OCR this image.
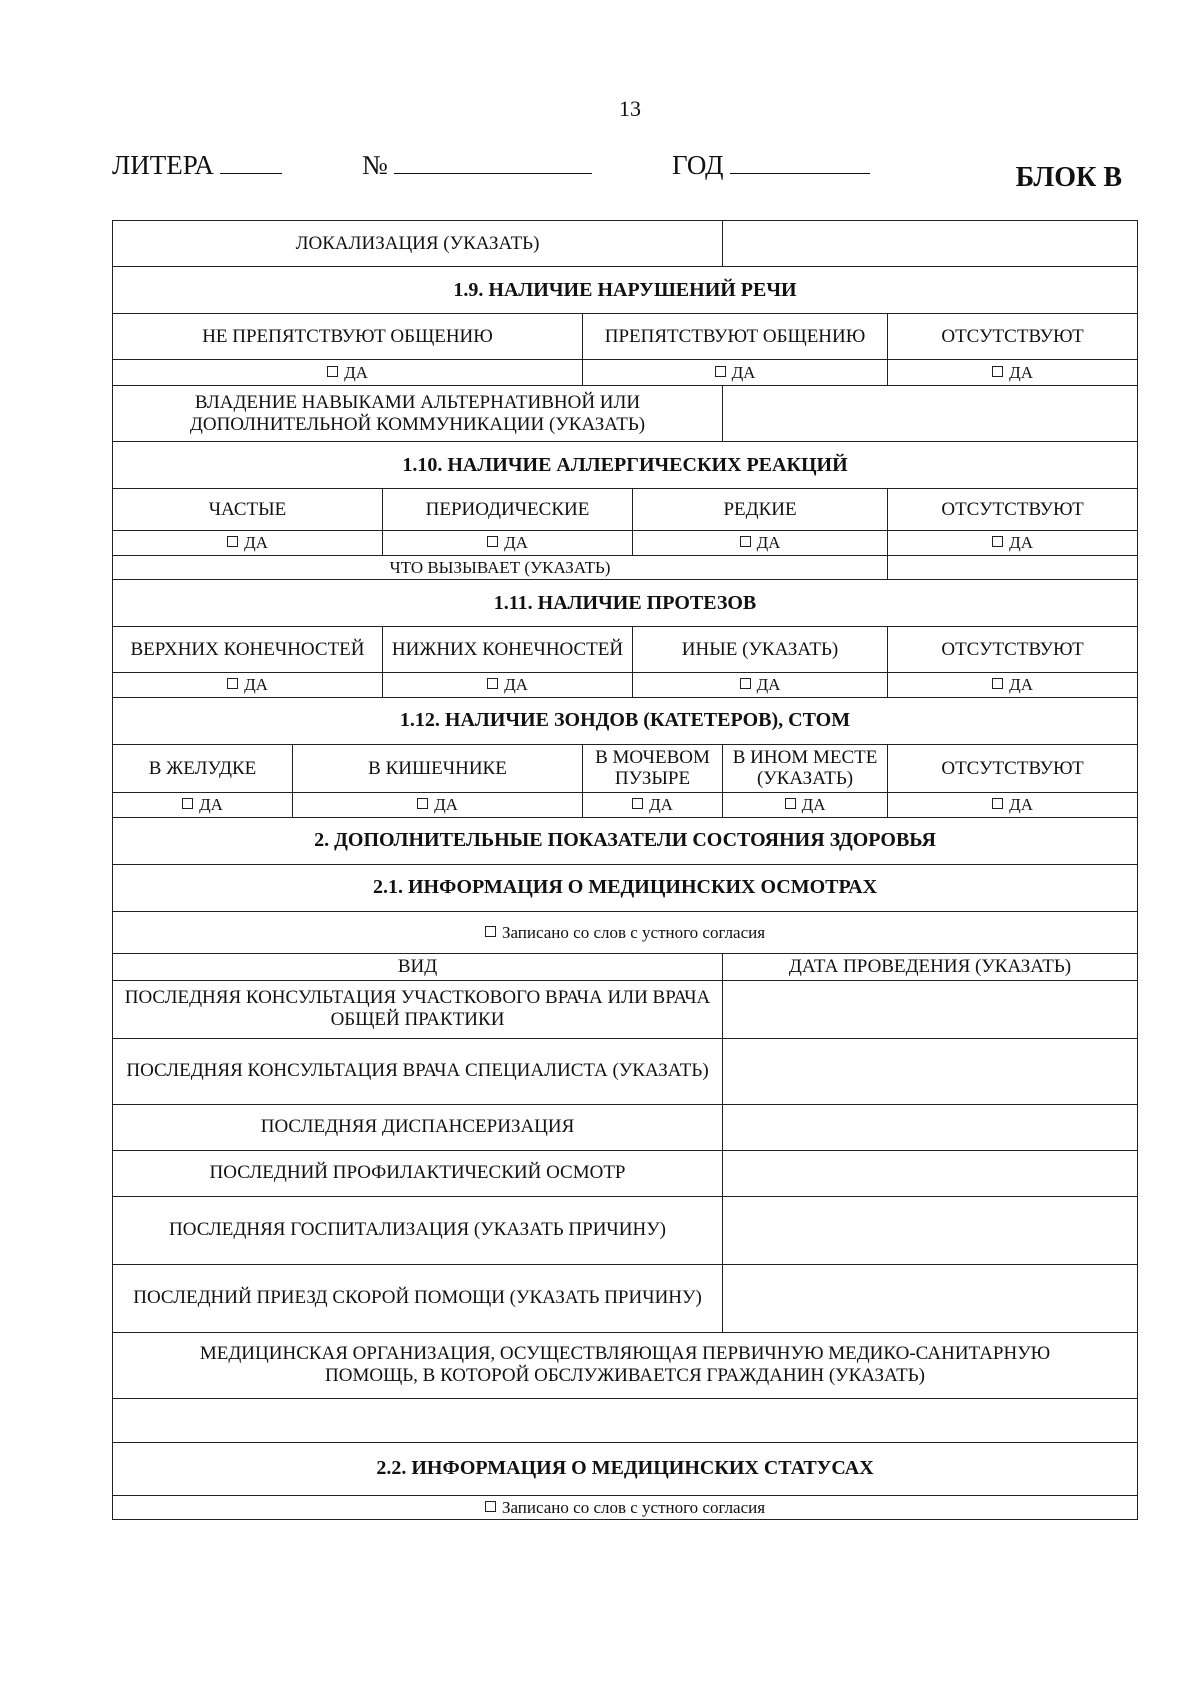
13
ЛИТЕРА	№	ГОД	БЛОК В
ЛОКАЛИЗАЦИЯ (УКАЗАТЬ)						
1.9. НАЛИЧИЕ НАРУШЕНИЙ РЕЧИ						
НЕ ПРЕПЯТСТВУЮТ ОБЩЕНИЮ			ПРЕПЯТСТВУЮТ ОБЩЕНИЮ			ОТСУТСТВУЮТ
ДА			ДА			ДА
ВЛАДЕНИЕ НАВЫКАМИ АЛЬТЕРНАТИВНОЙ ИЛИ ДОПОЛНИТЕЛЬНОЙ КОММУНИКАЦИИ (УКАЗАТЬ)						
1.10. НАЛИЧИЕ АЛЛЕРГИЧЕСКИХ РЕАКЦИЙ						
ЧАСТЫЕ		ПЕРИОДИЧЕСКИЕ		РЕДКИЕ		ОТСУТСТВУЮТ
ДА		ДА		ДА		ДА
ЧТО ВЫЗЫВАЕТ (УКАЗАТЬ)						
1.11. НАЛИЧИЕ ПРОТЕЗОВ						
ВЕРХНИХ КОНЕЧНОСТЕЙ		НИЖНИХ КОНЕЧНОСТЕЙ		ИНЫЕ (УКАЗАТЬ)		ОТСУТСТВУЮТ
ДА		ДА		ДА		ДА
1.12. НАЛИЧИЕ ЗОНДОВ (КАТЕТЕРОВ), СТОМ						
В ЖЕЛУДКЕ	В КИШЕЧНИКЕ		В МОЧЕВОМ ПУЗЫРЕ		В ИНОМ МЕСТЕ (УКАЗАТЬ)	ОТСУТСТВУЮТ
ДА	ДА		ДА		ДА	ДА
2. ДОПОЛНИТЕЛЬНЫЕ ПОКАЗАТЕЛИ СОСТОЯНИЯ ЗДОРОВЬЯ						
2.1. ИНФОРМАЦИЯ О МЕДИЦИНСКИХ ОСМОТРАХ						
Записано со слов с устного согласия						
ВИД					ДАТА ПРОВЕДЕНИЯ (УКАЗАТЬ)	
ПОСЛЕДНЯЯ КОНСУЛЬТАЦИЯ УЧАСТКОВОГО ВРАЧА ИЛИ ВРАЧА ОБЩЕЙ ПРАКТИКИ						
ПОСЛЕДНЯЯ КОНСУЛЬТАЦИЯ ВРАЧА СПЕЦИАЛИСТА (УКАЗАТЬ)						
ПОСЛЕДНЯЯ ДИСПАНСЕРИЗАЦИЯ						
ПОСЛЕДНИЙ ПРОФИЛАКТИЧЕСКИЙ ОСМОТР						
ПОСЛЕДНЯЯ ГОСПИТАЛИЗАЦИЯ (УКАЗАТЬ ПРИЧИНУ)						
ПОСЛЕДНИЙ ПРИЕЗД СКОРОЙ ПОМОЩИ (УКАЗАТЬ ПРИЧИНУ)						
МЕДИЦИНСКАЯ ОРГАНИЗАЦИЯ, ОСУЩЕСТВЛЯЮЩАЯ ПЕРВИЧНУЮ МЕДИКО-САНИТАРНУЮ ПОМОЩЬ, В КОТОРОЙ ОБСЛУЖИВАЕТСЯ ГРАЖДАНИН (УКАЗАТЬ)						

2.2. ИНФОРМАЦИЯ О МЕДИЦИНСКИХ СТАТУСАХ						
Записано со слов с устного согласия						
